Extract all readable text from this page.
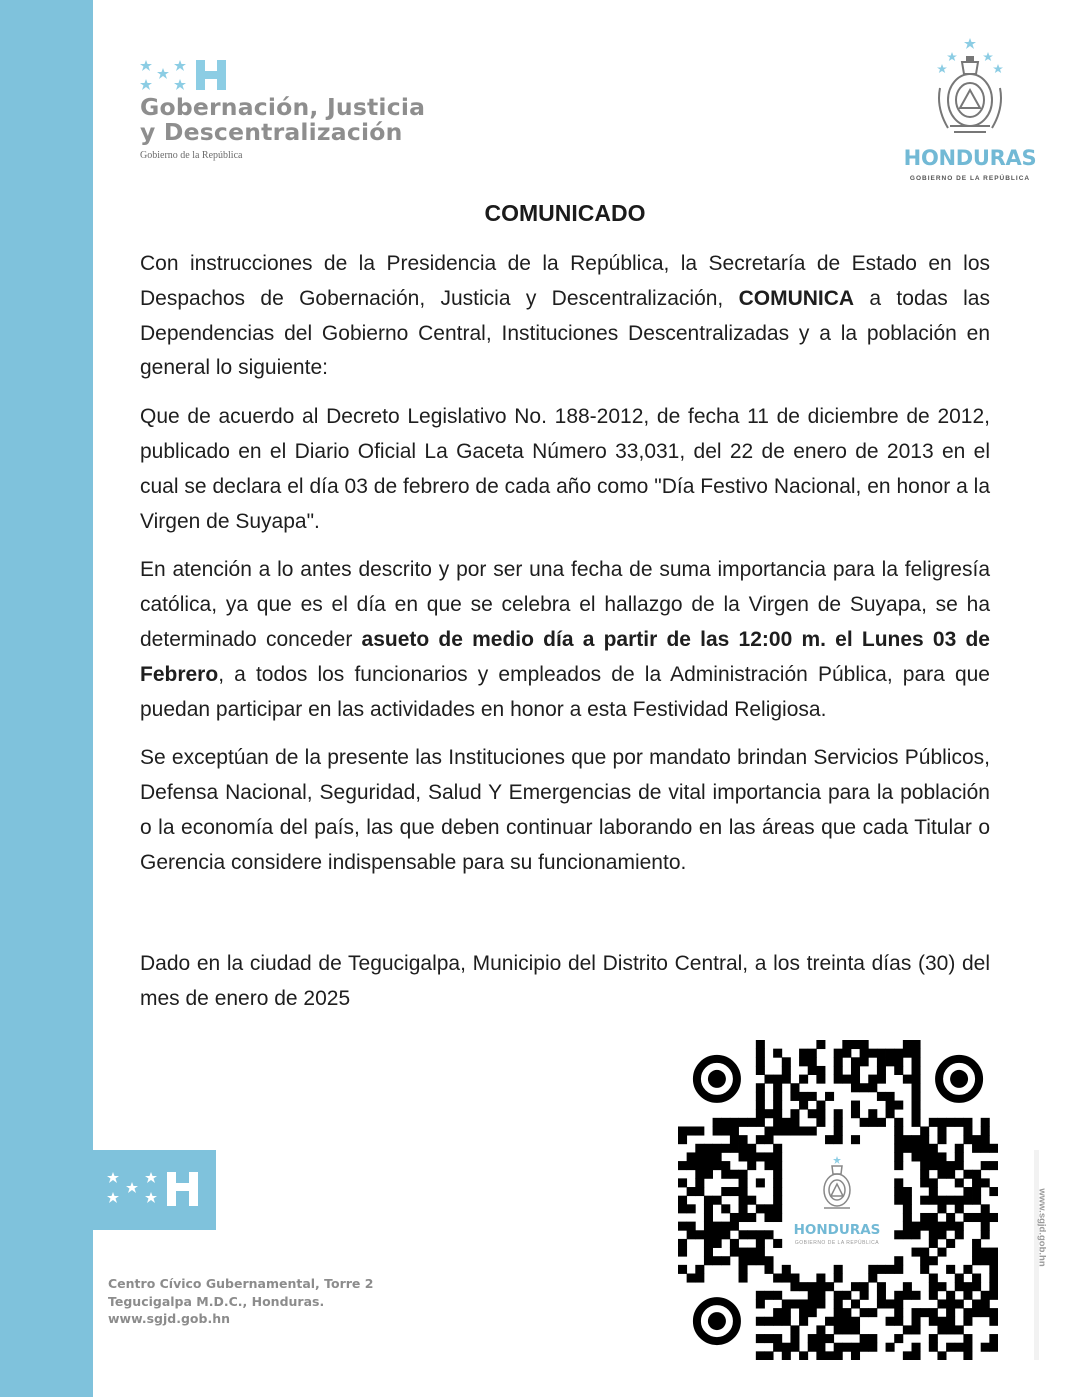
Gobernación, Justicia
y Descentralización
Gobierno de la República	HONDURAS
GOBIERNO DE LA REPÚBLICA
COMUNICADO

Con instrucciones de la Presidencia de la República, la Secretaría de Estado en los Despachos de Gobernación, Justicia y Descentralización, COMUNICA a todas las Dependencias del Gobierno Central, Instituciones Descentralizadas y a la población en general lo siguiente:

Que de acuerdo al Decreto Legislativo No. 188-2012, de fecha 11 de diciembre de 2012, publicado en el Diario Oficial La Gaceta Número 33,031, del 22 de enero de 2013 en el cual se declara el día 03 de febrero de cada año como "Día Festivo Nacional, en honor a la Virgen de Suyapa".

En atención a lo antes descrito y por ser una fecha de suma importancia para la feligresía católica, ya que es el día en que se celebra el hallazgo de la Virgen de Suyapa, se ha determinado conceder asueto de medio día a partir de las 12:00 m. el Lunes 03 de Febrero, a todos los funcionarios y empleados de la Administración Pública, para que puedan participar en las actividades en honor a esta Festividad Religiosa.

Se exceptúan de la presente las Instituciones que por mandato brindan Servicios Públicos, Defensa Nacional, Seguridad, Salud Y Emergencias de vital importancia para la población o la economía del país, las que deben continuar laborando en las áreas que cada Titular o Gerencia considere indispensable para su funcionamiento.

Dado en la ciudad de Tegucigalpa, Municipio del Distrito Central, a los treinta días (30) del mes de enero de 2025
Centro Cívico Gubernamental, Torre 2
Tegucigalpa M.D.C., Honduras.
www.sgjd.gob.hn
HONDURAS
GOBIERNO DE LA REPÚBLICA	www.sgjd.gob.hn
